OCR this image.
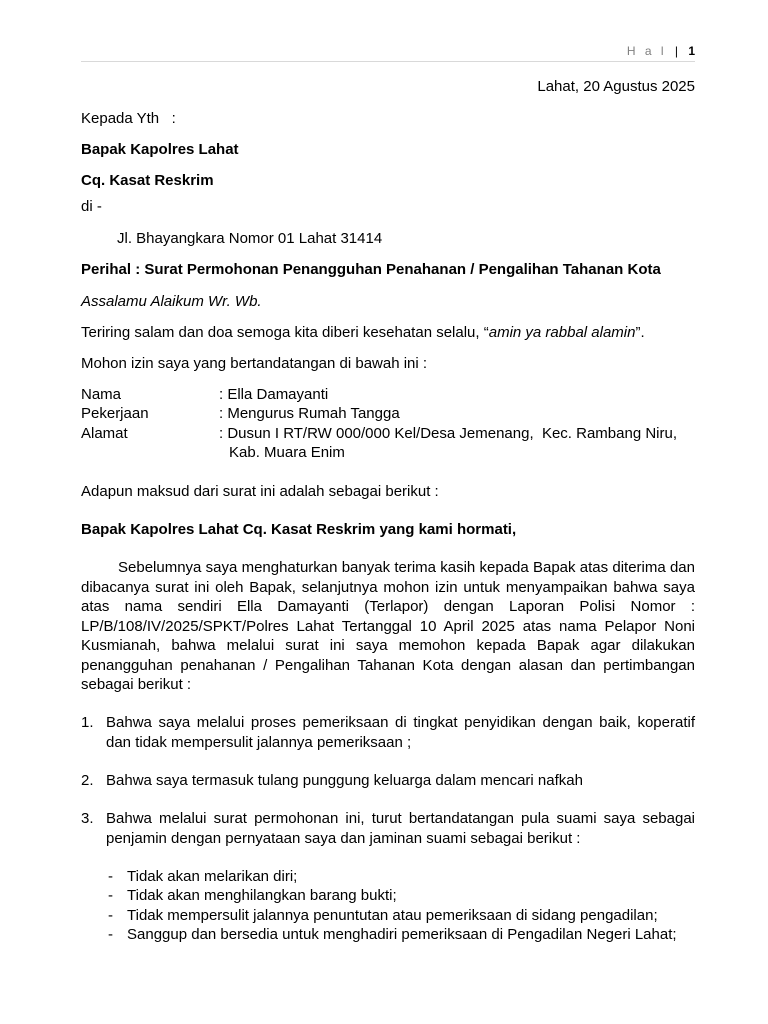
H a l | 1
Lahat, 20 Agustus 2025
Kepada Yth   :
Bapak Kapolres Lahat
Cq. Kasat Reskrim
di -
Jl. Bhayangkara Nomor 01 Lahat 31414
Perihal : Surat Permohonan Penangguhan Penahanan / Pengalihan Tahanan Kota
Assalamu Alaikum Wr. Wb.
Teriring salam dan doa semoga kita diberi kesehatan selalu, “amin ya rabbal alamin”.
Mohon izin saya yang bertandatangan di bawah ini :
Nama	: Ella Damayanti
Pekerjaan	: Mengurus Rumah Tangga
Alamat	: Dusun I RT/RW 000/000 Kel/Desa Jemenang,  Kec. Rambang Niru,
Kab. Muara Enim
Adapun maksud dari surat ini adalah sebagai berikut :
Bapak Kapolres Lahat Cq. Kasat Reskrim yang kami hormati,
Sebelumnya saya menghaturkan banyak terima kasih kepada Bapak atas diterima dan dibacanya surat ini oleh Bapak, selanjutnya mohon izin untuk menyampaikan bahwa saya atas nama sendiri Ella Damayanti (Terlapor) dengan Laporan Polisi Nomor : LP/B/108/IV/2025/SPKT/Polres Lahat Tertanggal 10 April 2025 atas nama Pelapor Noni Kusmianah, bahwa melalui surat ini saya memohon kepada Bapak agar dilakukan penangguhan penahanan / Pengalihan Tahanan Kota dengan alasan dan pertimbangan sebagai berikut :
1. Bahwa saya melalui proses pemeriksaan di tingkat penyidikan dengan baik, koperatif dan tidak mempersulit jalannya pemeriksaan ;
2. Bahwa saya termasuk tulang punggung keluarga dalam mencari nafkah
3. Bahwa melalui surat permohonan ini, turut bertandatangan pula suami saya sebagai penjamin dengan pernyataan saya dan jaminan suami sebagai berikut :
- Tidak akan melarikan diri;
- Tidak akan menghilangkan barang bukti;
- Tidak mempersulit jalannya penuntutan atau pemeriksaan di sidang pengadilan;
- Sanggup dan bersedia untuk menghadiri pemeriksaan di Pengadilan Negeri Lahat;
